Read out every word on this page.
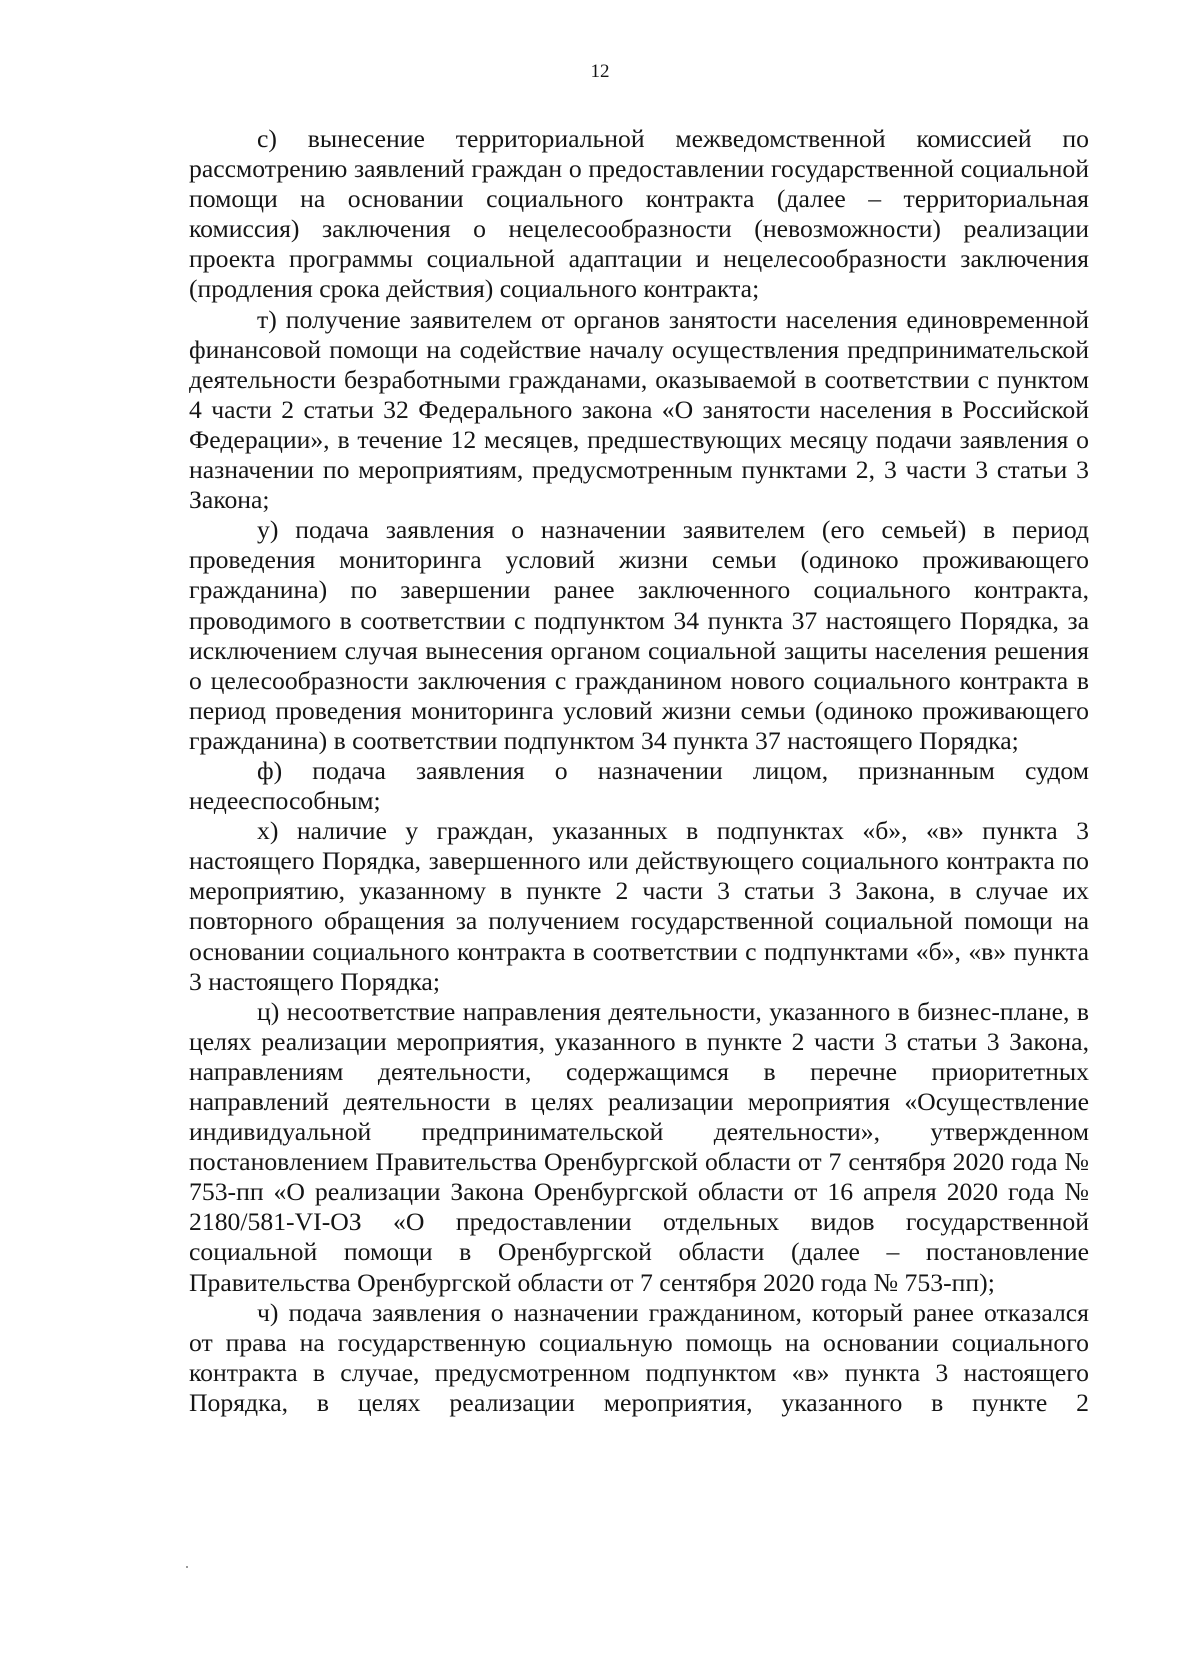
12

с) вынесение территориальной межведомственной комиссией по рассмотрению заявлений граждан о предоставлении государственной социальной помощи на основании социального контракта (далее – территориальная комиссия) заключения о нецелесообразности (невозможности) реализации проекта программы социальной адаптации и нецелесообразности заключения (продления срока действия) социального контракта;

т) получение заявителем от органов занятости населения единовременной финансовой помощи на содействие началу осуществления предпринимательской деятельности безработными гражданами, оказываемой в соответствии с пунктом 4 части 2 статьи 32 Федерального закона «О занятости населения в Российской Федерации», в течение 12 месяцев, предшествующих месяцу подачи заявления о назначении по мероприятиям, предусмотренным пунктами 2, 3 части 3 статьи 3 Закона;

у) подача заявления о назначении заявителем (его семьей) в период проведения мониторинга условий жизни семьи (одиноко проживающего гражданина) по завершении ранее заключенного социального контракта, проводимого в соответствии с подпунктом 34 пункта 37 настоящего Порядка, за исключением случая вынесения органом социальной защиты населения решения о целесообразности заключения с гражданином нового социального контракта в период проведения мониторинга условий жизни семьи (одиноко проживающего гражданина) в соответствии подпунктом 34 пункта 37 настоящего Порядка;

ф) подача заявления о назначении лицом, признанным судом недееспособным;

х) наличие у граждан, указанных в подпунктах «б», «в» пункта 3 настоящего Порядка, завершенного или действующего социального контракта по мероприятию, указанному в пункте 2 части 3 статьи 3 Закона, в случае их повторного обращения за получением государственной социальной помощи на основании социального контракта в соответствии с подпунктами «б», «в» пункта 3 настоящего Порядка;

ц) несоответствие направления деятельности, указанного в бизнес-плане, в целях реализации мероприятия, указанного в пункте 2 части 3 статьи 3 Закона, направлениям деятельности, содержащимся в перечне приоритетных направлений деятельности в целях реализации мероприятия «Осуществление индивидуальной предпринимательской деятельности», утвержденном постановлением Правительства Оренбургской области от 7 сентября 2020 года № 753-пп «О реализации Закона Оренбургской области от 16 апреля 2020 года № 2180/581-VI-ОЗ «О предоставлении отдельных видов государственной социальной помощи в Оренбургской области (далее – постановление Правительства Оренбургской области от 7 сентября 2020 года № 753-пп);

ч) подача заявления о назначении гражданином, который ранее отказался от права на государственную социальную помощь на основании социального контракта в случае, предусмотренном подпунктом «в» пункта 3 настоящего Порядка, в целях реализации мероприятия, указанного в пункте 2
